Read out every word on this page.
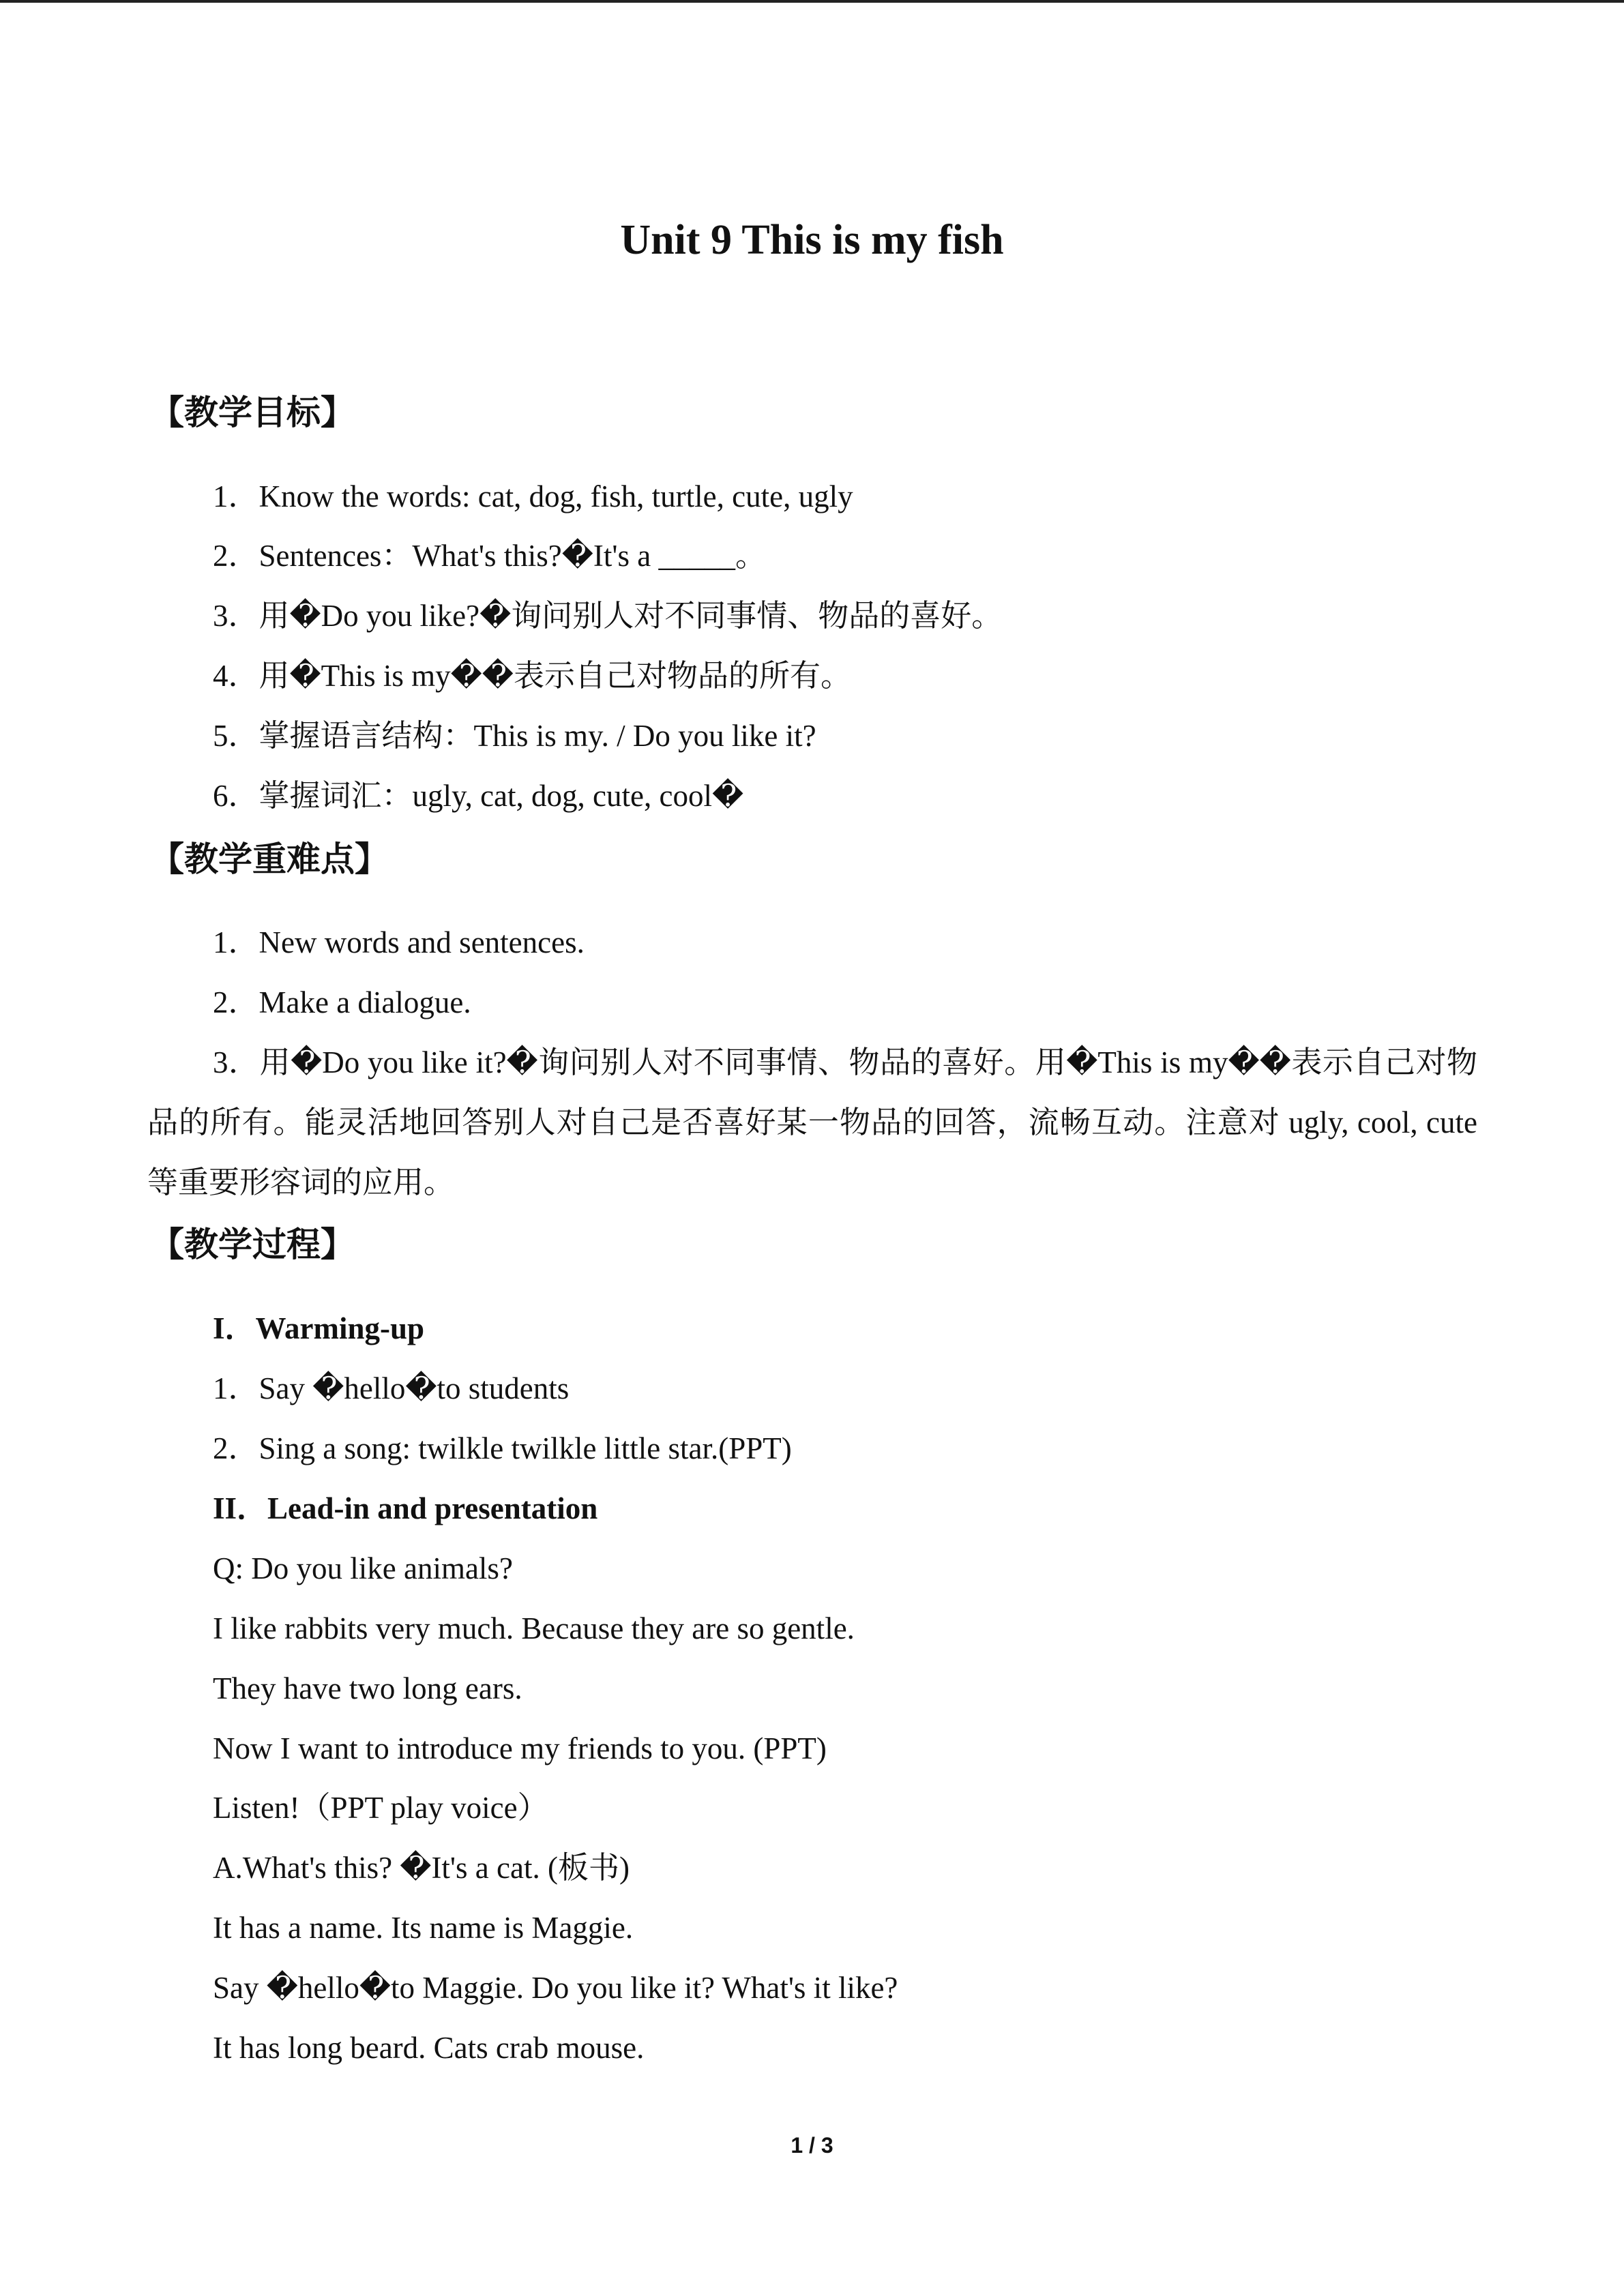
Unit 9 This is my fish
【教学目标】
1．Know the words: cat, dog, fish, turtle, cute, ugly
2．Sentences：What's this?�It's a _____。
3．用�Do you like?�询问别人对不同事情、物品的喜好。
4．用�This is my��表示自己对物品的所有。
5．掌握语言结构：This is my. / Do you like it?
6．掌握词汇：ugly, cat, dog, cute, cool�
【教学重难点】
1．New words and sentences.
2．Make a dialogue.
3．用�Do you like it?�询问别人对不同事情、物品的喜好。用�This is my��表示自己对物品的所有。能灵活地回答别人对自己是否喜好某一物品的回答，流畅互动。注意对 ugly, cool, cute 等重要形容词的应用。
【教学过程】
I．Warming-up
1．Say �hello�to students
2．Sing a song: twilkle twilkle little star.(PPT)
II．Lead-in and presentation
Q: Do you like animals?
I like rabbits very much. Because they are so gentle.
They have two long ears.
Now I want to introduce my friends to you. (PPT)
Listen!（PPT play voice）
A.What's this? �It's a cat. (板书)
It has a name. Its name is Maggie.
Say �hello�to Maggie. Do you like it? What's it like?
It has long beard. Cats crab mouse.
1 / 3
